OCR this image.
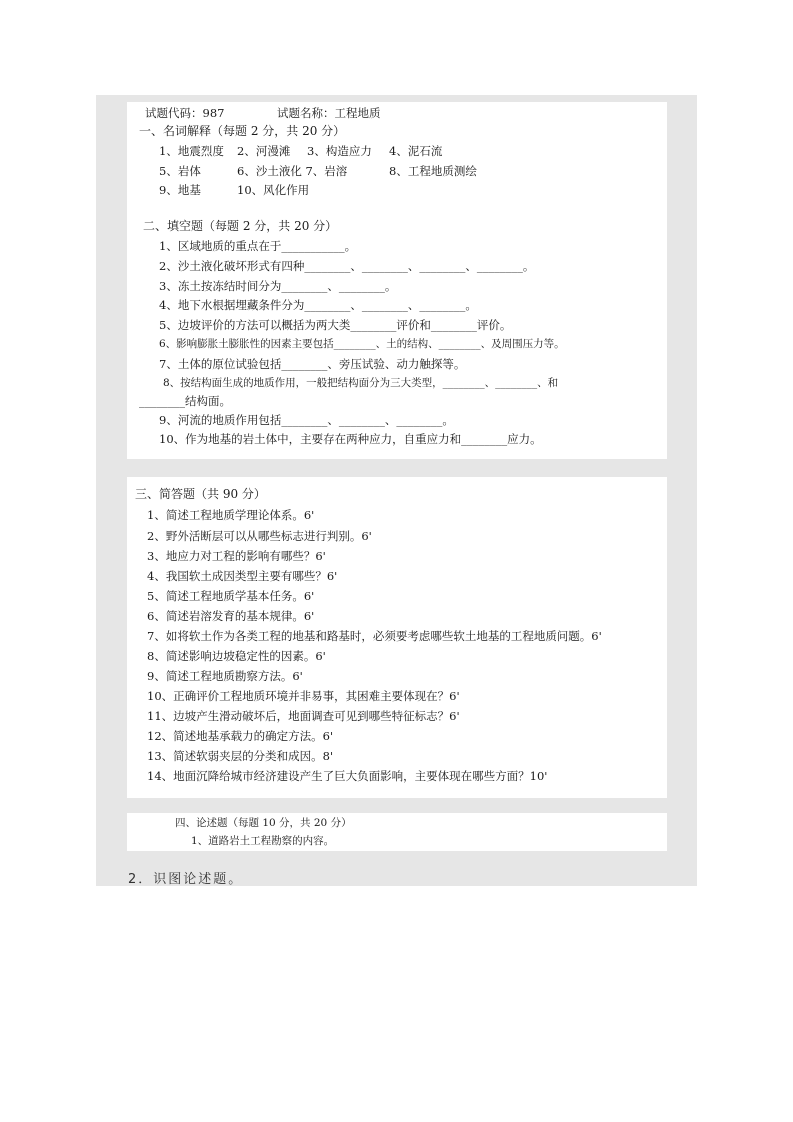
试题代码：987	试题名称：工程地质
一、名词解释（每题 2 分，共 20 分）
1、地震烈度 2、河漫滩 3、构造应力 4、泥石流
5、岩体	6、沙土液化 7、岩溶	8、工程地质测绘
9、地基	10、风化作用
二、填空题（每题 2 分，共 20 分）
1、区域地质的重点在于___________。
2、沙土液化破坏形式有四种________、________、________、________。
3、冻土按冻结时间分为________、________。
4、地下水根据埋藏条件分为________、________、________。
5、边坡评价的方法可以概括为两大类________评价和________评价。
6、影响膨胀土膨胀性的因素主要包括________、土的结构、________、及周围压力等。
7、土体的原位试验包括________、旁压试验、动力触探等。
8、按结构面生成的地质作用，一般把结构面分为三大类型，________、________、和
________结构面。
9、河流的地质作用包括________、________、________。
10、作为地基的岩土体中，主要存在两种应力，自重应力和________应力。
三、简答题（共 90 分）
1、简述工程地质学理论体系。6'
2、野外活断层可以从哪些标志进行判别。6'
3、地应力对工程的影响有哪些？6'
4、我国软土成因类型主要有哪些？6'
5、简述工程地质学基本任务。6'
6、简述岩溶发育的基本规律。6'
7、如将软土作为各类工程的地基和路基时，必须要考虑哪些软土地基的工程地质问题。6'
8、简述影响边坡稳定性的因素。6'
9、简述工程地质勘察方法。6'
10、正确评价工程地质环境并非易事，其困难主要体现在？6'
11、边坡产生滑动破坏后，地面调查可见到哪些特征标志？6'
12、简述地基承载力的确定方法。6'
13、简述软弱夹层的分类和成因。8'
14、地面沉降给城市经济建设产生了巨大负面影响，主要体现在哪些方面？10'
四、论述题（每题 10 分，共 20 分）
1、道路岩土工程勘察的内容。
2．识图论述题。
